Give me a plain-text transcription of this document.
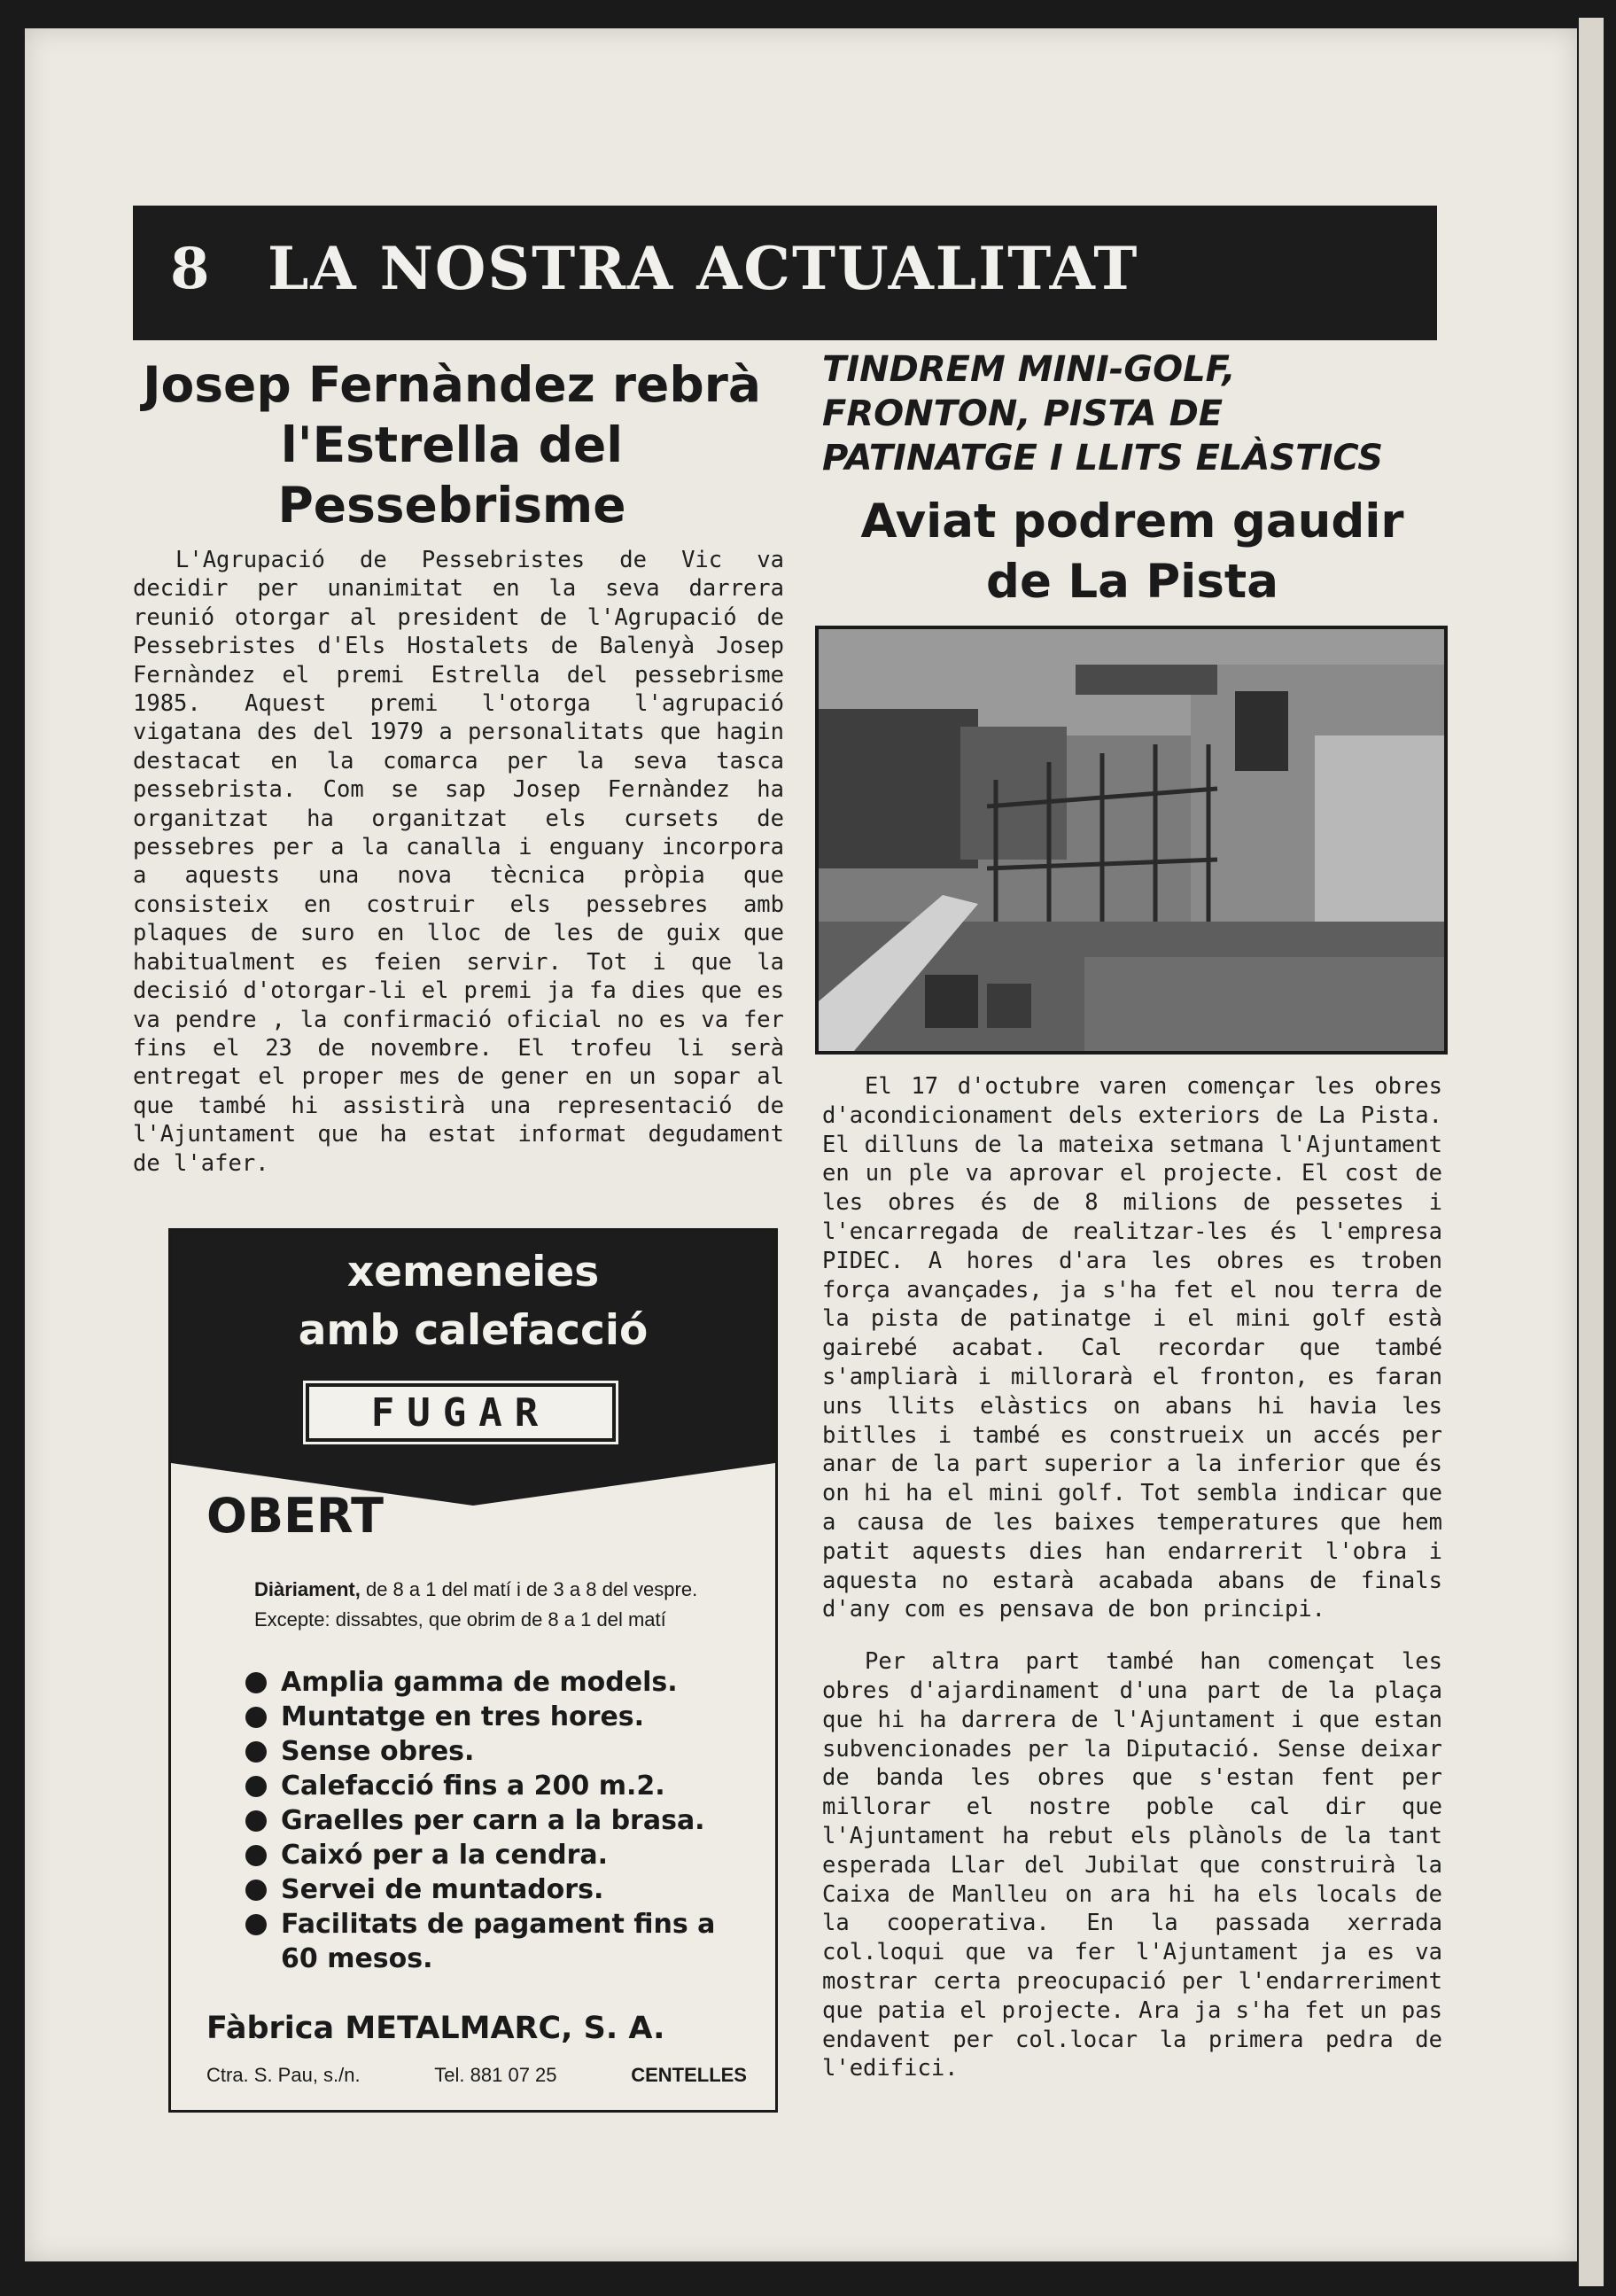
8 LA NOSTRA ACTUALITAT
Josep Fernàndez rebrà l'Estrella del Pessebrisme
L'Agrupació de Pessebristes de Vic va decidir per unanimitat en la seva darrera reunió otorgar al president de l'Agrupació de Pessebristes d'Els Hostalets de Balenyà Josep Fernàndez el premi Estrella del pessebrisme 1985. Aquest premi l'otorga l'agrupació vigatana des del 1979 a personalitats que hagin destacat en la comarca per la seva tasca pessebrista. Com se sap Josep Fernàndez ha organitzat ha organitzat els cursets de pessebres per a la canalla i enguany incorpora a aquests una nova tècnica pròpia que consisteix en costruir els pessebres amb plaques de suro en lloc de les de guix que habitualment es feien servir. Tot i que la decisió d'otorgar-li el premi ja fa dies que es va pendre , la confirmació oficial no es va fer fins el 23 de novembre. El trofeu li serà entregat el proper mes de gener en un sopar al que també hi assistirà una representació de l'Ajuntament que ha estat informat degudament de l'afer.
TINDREM MINI-GOLF, FRONTON, PISTA DE PATINATGE I LLITS ELÀSTICS
Aviat podrem gaudir de La Pista

El 17 d'octubre varen començar les obres d'acondicionament dels exteriors de La Pista. El dilluns de la mateixa setmana l'Ajuntament en un ple va aprovar el projecte. El cost de les obres és de 8 milions de pessetes i l'encarregada de realitzar-les és l'empresa PIDEC. A hores d'ara les obres es troben força avançades, ja s'ha fet el nou terra de la pista de patinatge i el mini golf està gairebé acabat. Cal recordar que també s'ampliarà i millorarà el fronton, es faran uns llits elàstics on abans hi havia les bitlles i també es construeix un accés per anar de la part superior a la inferior que és on hi ha el mini golf. Tot sembla indicar que a causa de les baixes temperatures que hem patit aquests dies han endarrerit l'obra i aquesta no estarà acabada abans de finals d'any com es pensava de bon principi.

Per altra part també han començat les obres d'ajardinament d'una part de la plaça que hi ha darrera de l'Ajuntament i que estan subvencionades per la Diputació. Sense deixar de banda les obres que s'estan fent per millorar el nostre poble cal dir que l'Ajuntament ha rebut els plànols de la tant esperada Llar del Jubilat que construirà la Caixa de Manlleu on ara hi ha els locals de la cooperativa. En la passada xerrada col.loqui que va fer l'Ajuntament ja es va mostrar certa preocupació per l'endarreriment que patia el projecte. Ara ja s'ha fet un pas endavent per col.locar la primera pedra de l'edifici.

xemeneies
amb calefacció
FUGAR
OBERT
Diàriament, de 8 a 1 del matí i de 3 a 8 del vespre.
Excepte: dissabtes, que obrim de 8 a 1 del matí
Amplia gamma de models.
Muntatge en tres hores.
Sense obres.
Calefacció fins a 200 m.2.
Graelles per carn a la brasa.
Caixó per a la cendra.
Servei de muntadors.
Facilitats de pagament fins a 60 mesos.
Fàbrica METALMARC, S. A.
Ctra. S. Pau, s./n.	Tel. 881 07 25	CENTELLES
